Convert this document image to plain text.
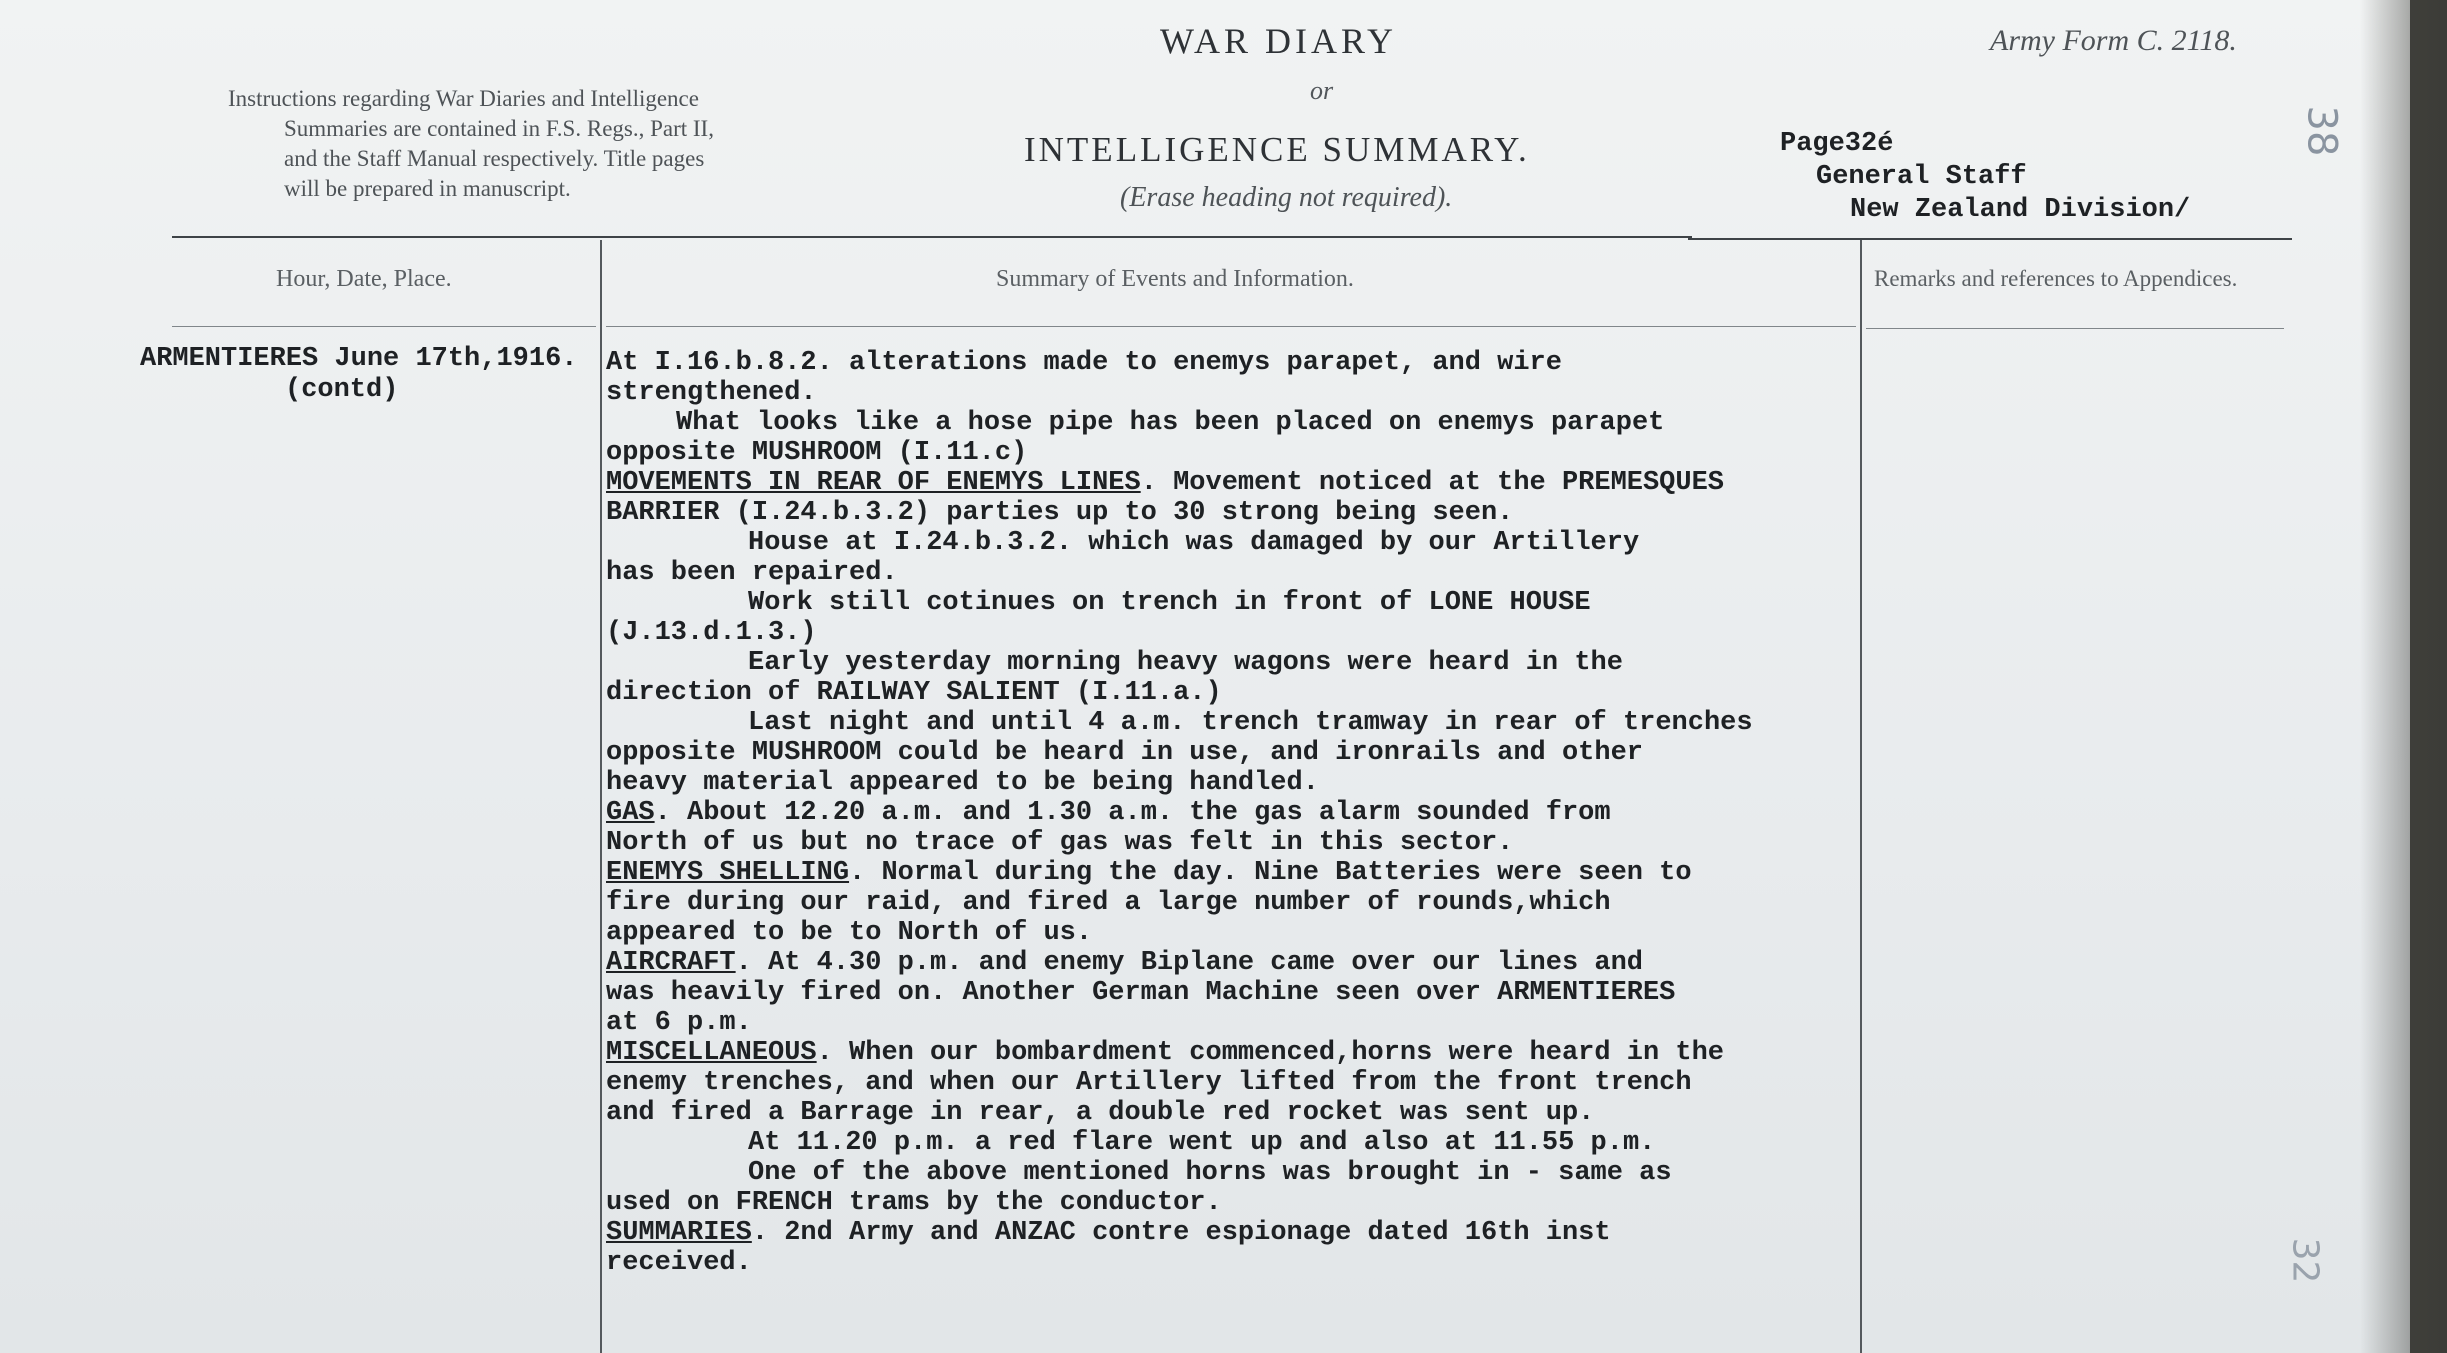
Instructions regarding War Diaries and Intelligence
Summaries are contained in F.S. Regs., Part II,
and the Staff Manual respectively. Title pages
will be prepared in manuscript.
WAR DIARY
or
INTELLIGENCE SUMMARY.
(Erase heading not required).
Army Form C. 2118.
38
32
Page32é
General Staff
New Zealand Division/
Hour, Date, Place.	Summary of Events and Information.	Remarks and references to Appendices.
ARMENTIERES June 17th,1916.
(contd)
At I.16.b.8.2. alterations made to enemys parapet, and wire
strengthened.
What looks like a hose pipe has been placed on enemys parapet
opposite MUSHROOM (I.11.c)
MOVEMENTS IN REAR OF ENEMYS LINES. Movement noticed at the PREMESQUES
BARRIER (I.24.b.3.2) parties up to 30 strong being seen.
House at I.24.b.3.2. which was damaged by our Artillery
has been repaired.
Work still cotinues on trench in front of LONE HOUSE
(J.13.d.1.3.)
Early yesterday morning heavy wagons were heard in the
direction of RAILWAY SALIENT (I.11.a.)
Last night and until 4 a.m. trench tramway in rear of trenches
opposite MUSHROOM could be heard in use, and ironrails and other
heavy material appeared to be being handled.
GAS. About 12.20 a.m. and 1.30 a.m. the gas alarm sounded from
North of us but no trace of gas was felt in this sector.
ENEMYS SHELLING. Normal during the day. Nine Batteries were seen to
fire during our raid, and fired a large number of rounds,which
appeared to be to North of us.
AIRCRAFT. At 4.30 p.m. and enemy Biplane came over our lines and
was heavily fired on. Another German Machine seen over ARMENTIERES
at 6 p.m.
MISCELLANEOUS. When our bombardment commenced,horns were heard in the
enemy trenches, and when our Artillery lifted from the front trench
and fired a Barrage in rear, a double red rocket was sent up.
At 11.20 p.m. a red flare went up and also at 11.55 p.m.
One of the above mentioned horns was brought in - same as
used on FRENCH trams by the conductor.
SUMMARIES. 2nd Army and ANZAC contre espionage dated 16th inst
received.
